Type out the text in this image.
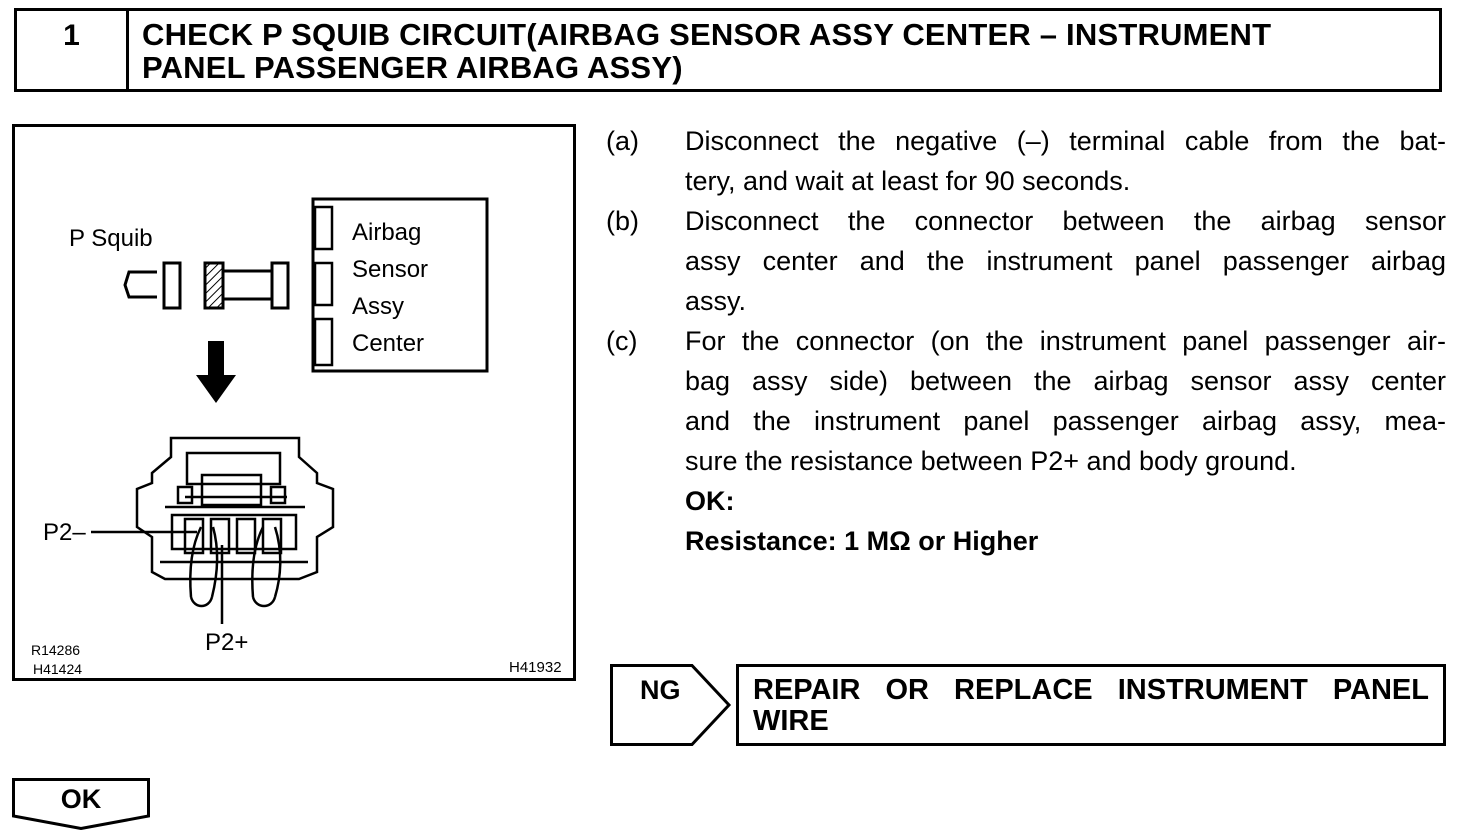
1	CHECK P SQUIB CIRCUIT(AIRBAG SENSOR ASSY CENTER – INSTRUMENT
PANEL PASSENGER AIRBAG ASSY)
P Squib	Airbag
Sensor
Assy
Center
P2–
P2+
R14286
H41424	H41932
(a)	Disconnect the negative (–) terminal cable from the bat-
tery, and wait at least for 90 seconds.
(b)	Disconnect the connector between the airbag sensor
assy center and the instrument panel passenger airbag
assy.
(c)	For the connector (on the instrument panel passenger air-
bag assy side) between the airbag sensor assy center
and the instrument panel passenger airbag assy, mea-
sure the resistance between P2+ and body ground.
OK:
Resistance: 1 MΩ or Higher
NG	REPAIR OR REPLACE INSTRUMENT PANEL
WIRE
OK
